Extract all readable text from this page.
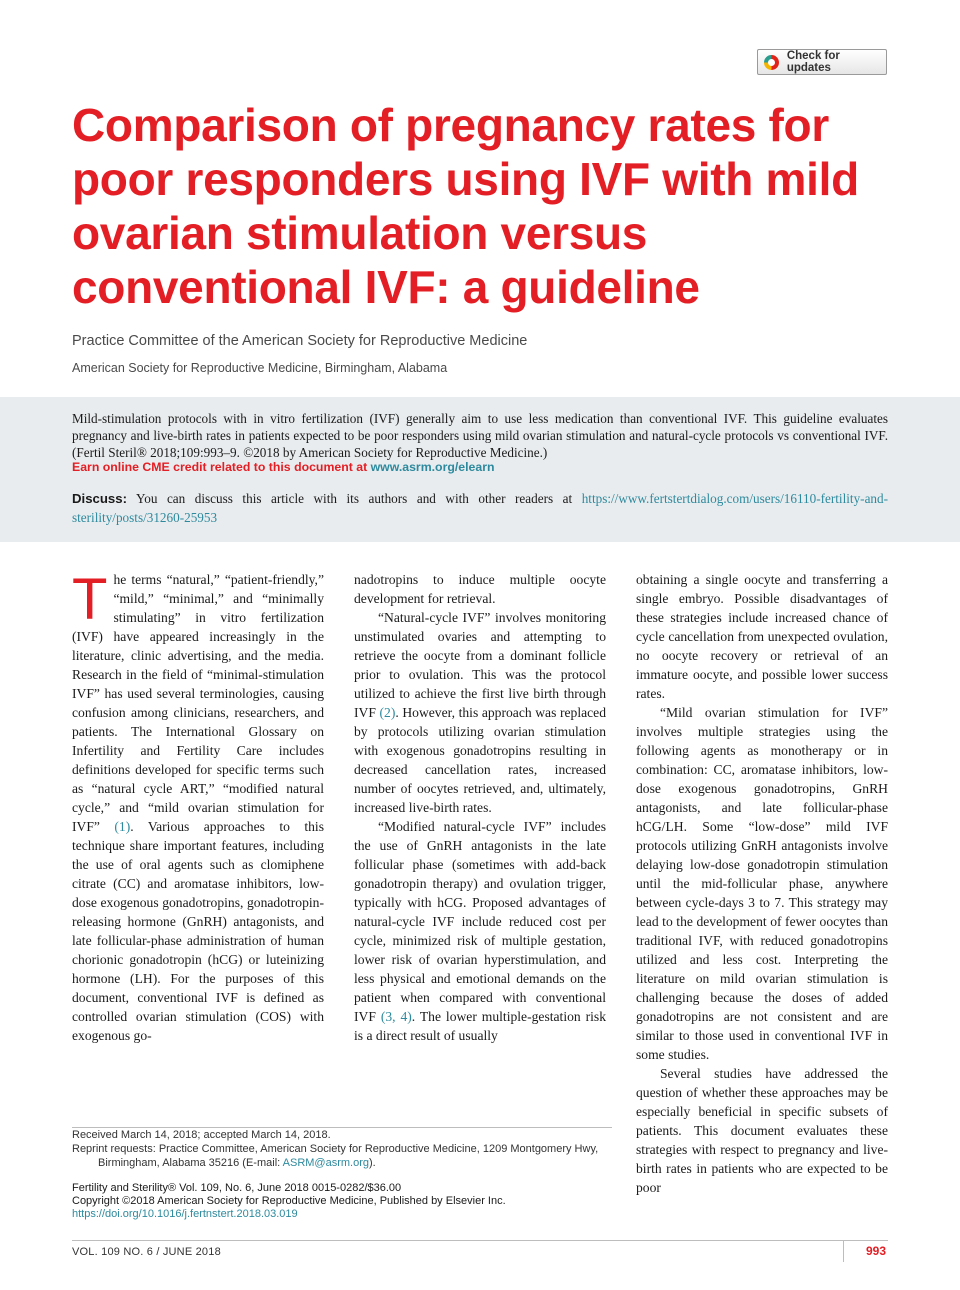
Check for updates
Comparison of pregnancy rates for poor responders using IVF with mild ovarian stimulation versus conventional IVF: a guideline
Practice Committee of the American Society for Reproductive Medicine
American Society for Reproductive Medicine, Birmingham, Alabama

Mild-stimulation protocols with in vitro fertilization (IVF) generally aim to use less medication than conventional IVF. This guideline evaluates pregnancy and live-birth rates in patients expected to be poor responders using mild ovarian stimulation and natural-cycle protocols vs conventional IVF. (Fertil Steril® 2018;109:993–9. ©2018 by American Society for Reproductive Medicine.)

Earn online CME credit related to this document at www.asrm.org/elearn

Discuss: You can discuss this article with its authors and with other readers at https://www.fertstertdialog.com/users/16110-fertility-and-sterility/posts/31260-25953

The terms “natural,” “patient-friendly,” “mild,” “minimal,” and “minimally stimulating” in vitro fertilization (IVF) have appeared increasingly in the literature, clinic advertising, and the media. Research in the field of “minimal-stimulation IVF” has used several terminologies, causing confusion among clinicians, researchers, and patients. The International Glossary on Infertility and Fertility Care includes definitions developed for specific terms such as “natural cycle ART,” “modified natural cycle,” and “mild ovarian stimulation for IVF” (1). Various approaches to this technique share important features, including the use of oral agents such as clomiphene citrate (CC) and aromatase inhibitors, low-dose exogenous gonadotropins, gonadotropin-releasing hormone (GnRH) antagonists, and late follicular-phase administration of human chorionic gonadotropin (hCG) or luteinizing hormone (LH). For the purposes of this document, conventional IVF is defined as controlled ovarian stimulation (COS) with exogenous go-

nadotropins to induce multiple oocyte development for retrieval.

“Natural-cycle IVF” involves monitoring unstimulated ovaries and attempting to retrieve the oocyte from a dominant follicle prior to ovulation. This was the protocol utilized to achieve the first live birth through IVF (2). However, this approach was replaced by protocols utilizing ovarian stimulation with exogenous gonadotropins resulting in decreased cancellation rates, increased number of oocytes retrieved, and, ultimately, increased live-birth rates.

“Modified natural-cycle IVF” includes the use of GnRH antagonists in the late follicular phase (sometimes with add-back gonadotropin therapy) and ovulation trigger, typically with hCG. Proposed advantages of natural-cycle IVF include reduced cost per cycle, minimized risk of multiple gestation, lower risk of ovarian hyperstimulation, and less physical and emotional demands on the patient when compared with conventional IVF (3, 4). The lower multiple-gestation risk is a direct result of usually

obtaining a single oocyte and transferring a single embryo. Possible disadvantages of these strategies include increased chance of cycle cancellation from unexpected ovulation, no oocyte recovery or retrieval of an immature oocyte, and possible lower success rates.

“Mild ovarian stimulation for IVF” involves multiple strategies using the following agents as monotherapy or in combination: CC, aromatase inhibitors, low-dose exogenous gonadotropins, GnRH antagonists, and late follicular-phase hCG/LH. Some “low-dose” mild IVF protocols utilizing GnRH antagonists involve delaying low-dose gonadotropin stimulation until the mid-follicular phase, anywhere between cycle-days 3 to 7. This strategy may lead to the development of fewer oocytes than traditional IVF, with reduced gonadotropins utilized and less cost. Interpreting the literature on mild ovarian stimulation is challenging because the doses of added gonadotropins are not consistent and are similar to those used in conventional IVF in some studies.

Several studies have addressed the question of whether these approaches may be especially beneficial in specific subsets of patients. This document evaluates these strategies with respect to pregnancy and live-birth rates in patients who are expected to be poor

Received March 14, 2018; accepted March 14, 2018.

Reprint requests: Practice Committee, American Society for Reproductive Medicine, 1209 Montgomery Hwy, Birmingham, Alabama 35216 (E-mail: ASRM@asrm.org).

Fertility and Sterility® Vol. 109, No. 6, June 2018 0015-0282/$36.00

Copyright ©2018 American Society for Reproductive Medicine, Published by Elsevier Inc.

https://doi.org/10.1016/j.fertnstert.2018.03.019

VOL. 109 NO. 6 / JUNE 2018	993
